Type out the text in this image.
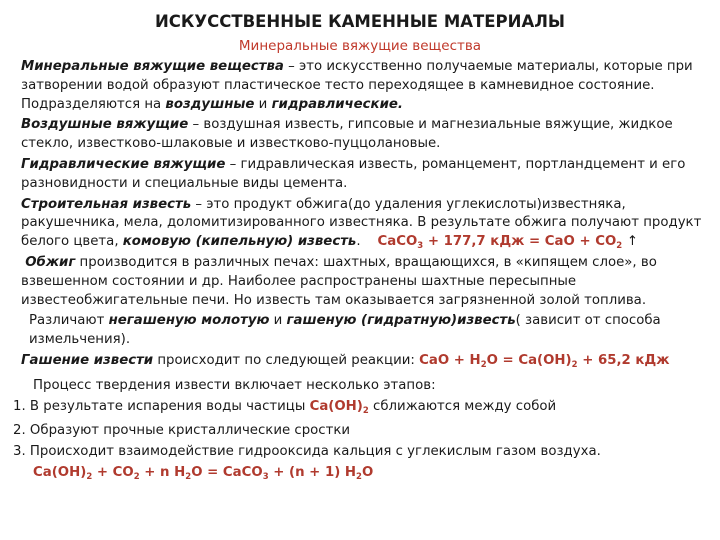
ИСКУССТВЕННЫЕ КАМЕННЫЕ МАТЕРИАЛЫ
Минеральные вяжущие вещества

Минеральные вяжущие вещества – это искусственно получаемые материалы, которые при затворении водой образуют пластическое тесто переходящее в камневидное состояние. Подразделяются на воздушные и гидравлические.

Воздушные вяжущие – воздушная известь, гипсовые и магнезиальные вяжущие, жидкое стекло, известково-шлаковые и известково-пуццолановые.

Гидравлические вяжущие – гидравлическая известь, романцемент, портландцемент и его разновидности и специальные виды цемента.

Строительная известь – это продукт обжига(до удаления углекислоты)известняка, ракушечника, мела, доломитизированного известняка. В результате обжига получают продукт белого цвета, комовую (кипельную) известь. CaCO$_3$ + 177,7 кДж = CaO + $CO_2$ ↑

Обжиг производится в различных печах: шахтных, вращающихся, в «кипящем слое», во взвешенном состоянии и др. Наиболее распространены шахтные пересыпные известеобжигательные печи. Но известь там оказывается загрязненной золой топлива.

Различают негашеную молотую и гашеную (гидратную)известь( зависит от способа измельчения).

Гашение извести происходит по следующей реакции: CaO + $H_2O = Ca(OH)_2 + 65,2$ кДж

Процесс твердения извести включает несколько этапов:

1. В результате испарения воды частицы $Ca(OH)_2$ сближаются между собой

2. Образуют прочные кристаллические сростки

3. Происходит взаимодействие гидрооксида кальция с углекислым газом воздуха.

$Ca(OH)_2 + CO_2 + n$ $H_2O$ = CaCO$_3$ + (n + 1) $H_2O$
